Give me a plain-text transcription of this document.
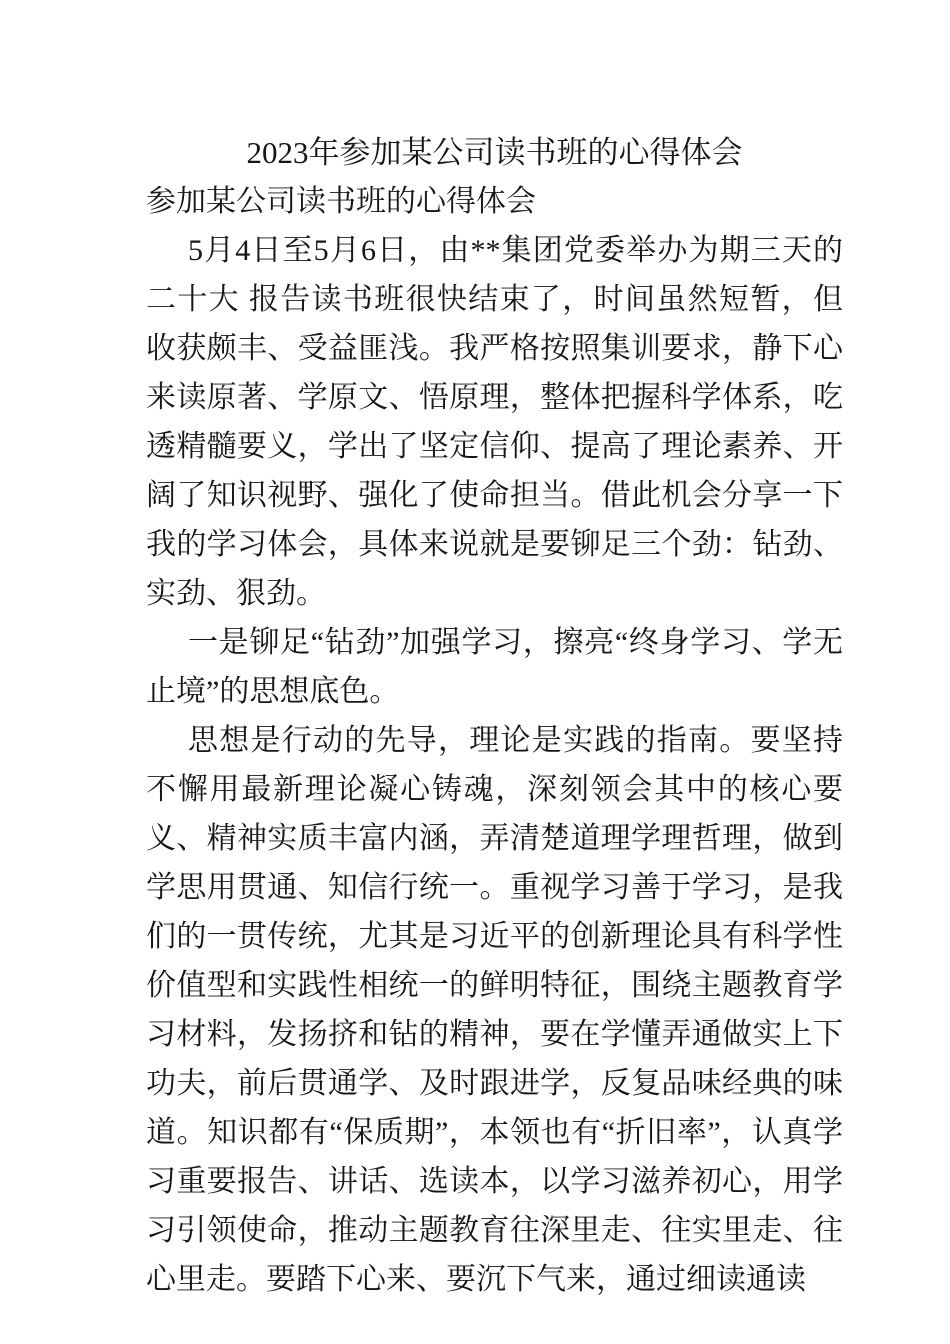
2023年参加某公司读书班的心得体会

参加某公司读书班的心得体会

5月4日至5月6日，由**集团党委举办为期三天的二十大 报告读书班很快结束了，时间虽然短暂，但收获颇丰、受益匪浅。我严格按照集训要求，静下心来读原著、学原文、悟原理，整体把握科学体系，吃透精髓要义，学出了坚定信仰、提高了理论素养、开阔了知识视野、强化了使命担当。借此机会分享一下我的学习体会，具体来说就是要铆足三个劲：钻劲、实劲、狠劲。

一是铆足“钻劲”加强学习，擦亮“终身学习、学无止境”的思想底色。

思想是行动的先导，理论是实践的指南。要坚持不懈用最新理论凝心铸魂，深刻领会其中的核心要义、精神实质丰富内涵，弄清楚道理学理哲理，做到学思用贯通、知信行统一。重视学习善于学习，是我们的一贯传统，尤其是习近平的创新理论具有科学性价值型和实践性相统一的鲜明特征，围绕主题教育学习材料，发扬挤和钻的精神，要在学懂弄通做实上下功夫，前后贯通学、及时跟进学，反复品味经典的味道。知识都有“保质期”，本领也有“折旧率”，认真学习重要报告、讲话、选读本，以学习滋养初心，用学习引领使命，推动主题教育往深里走、往实里走、往心里走。要踏下心来、要沉下气来，通过细读通读
